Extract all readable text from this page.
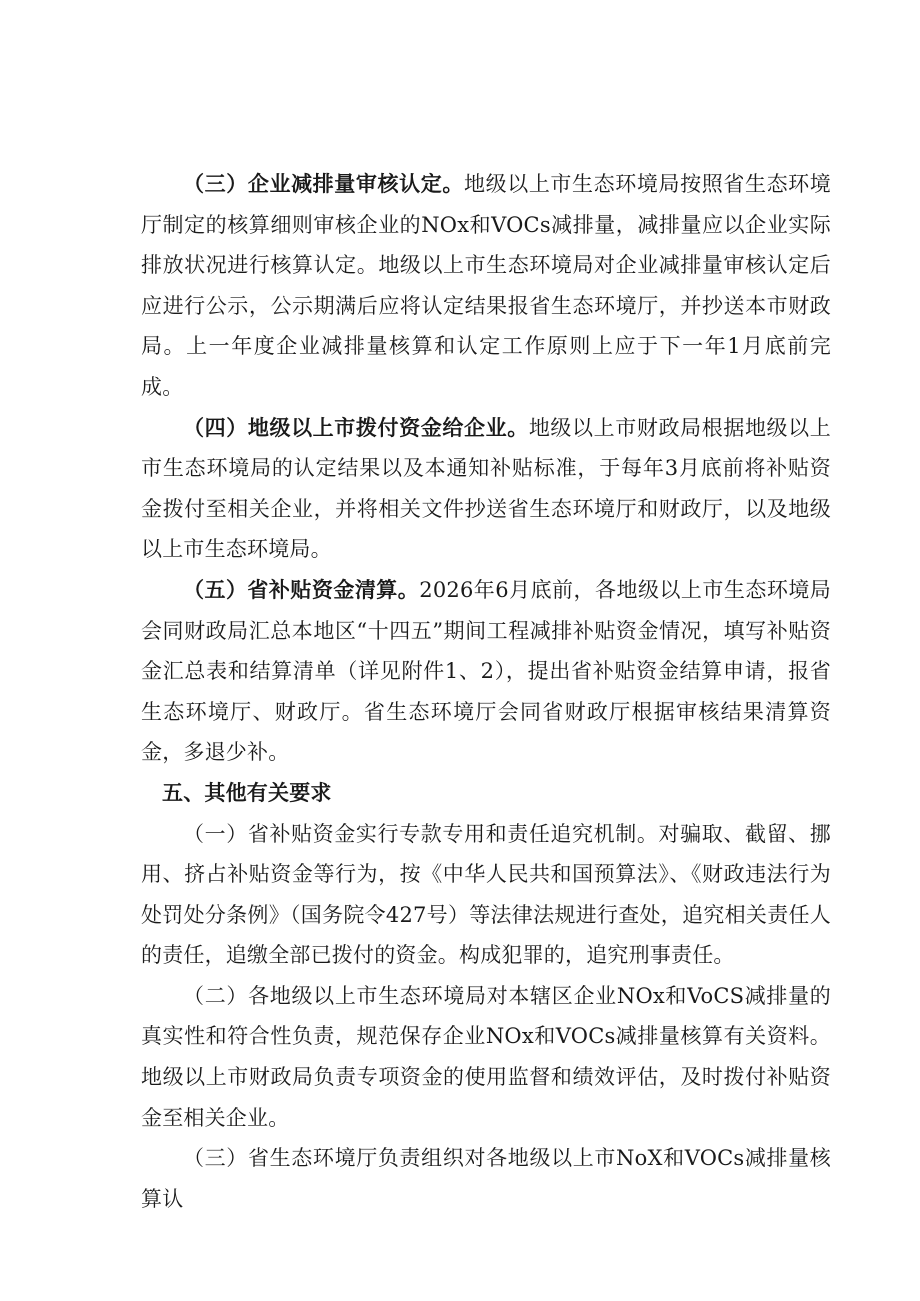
（三）企业减排量审核认定。地级以上市生态环境局按照省生态环境厅制定的核算细则审核企业的NOx和VOCs减排量，减排量应以企业实际排放状况进行核算认定。地级以上市生态环境局对企业减排量审核认定后应进行公示，公示期满后应将认定结果报省生态环境厅，并抄送本市财政局。上一年度企业减排量核算和认定工作原则上应于下一年1月底前完成。

（四）地级以上市拨付资金给企业。地级以上市财政局根据地级以上市生态环境局的认定结果以及本通知补贴标准，于每年3月底前将补贴资金拨付至相关企业，并将相关文件抄送省生态环境厅和财政厅，以及地级以上市生态环境局。

（五）省补贴资金清算。2026年6月底前，各地级以上市生态环境局会同财政局汇总本地区“十四五”期间工程减排补贴资金情况，填写补贴资金汇总表和结算清单（详见附件1、2），提出省补贴资金结算申请，报省生态环境厅、财政厅。省生态环境厅会同省财政厅根据审核结果清算资金，多退少补。

五、其他有关要求

（一）省补贴资金实行专款专用和责任追究机制。对骗取、截留、挪用、挤占补贴资金等行为，按《中华人民共和国预算法》、《财政违法行为处罚处分条例》（国务院令427号）等法律法规进行查处，追究相关责任人的责任，追缴全部已拨付的资金。构成犯罪的，追究刑事责任。

（二）各地级以上市生态环境局对本辖区企业NOx和VoCS减排量的真实性和符合性负责，规范保存企业NOx和VOCs减排量核算有关资料。地级以上市财政局负责专项资金的使用监督和绩效评估，及时拨付补贴资金至相关企业。

（三）省生态环境厅负责组织对各地级以上市NoX和VOCs减排量核算认
